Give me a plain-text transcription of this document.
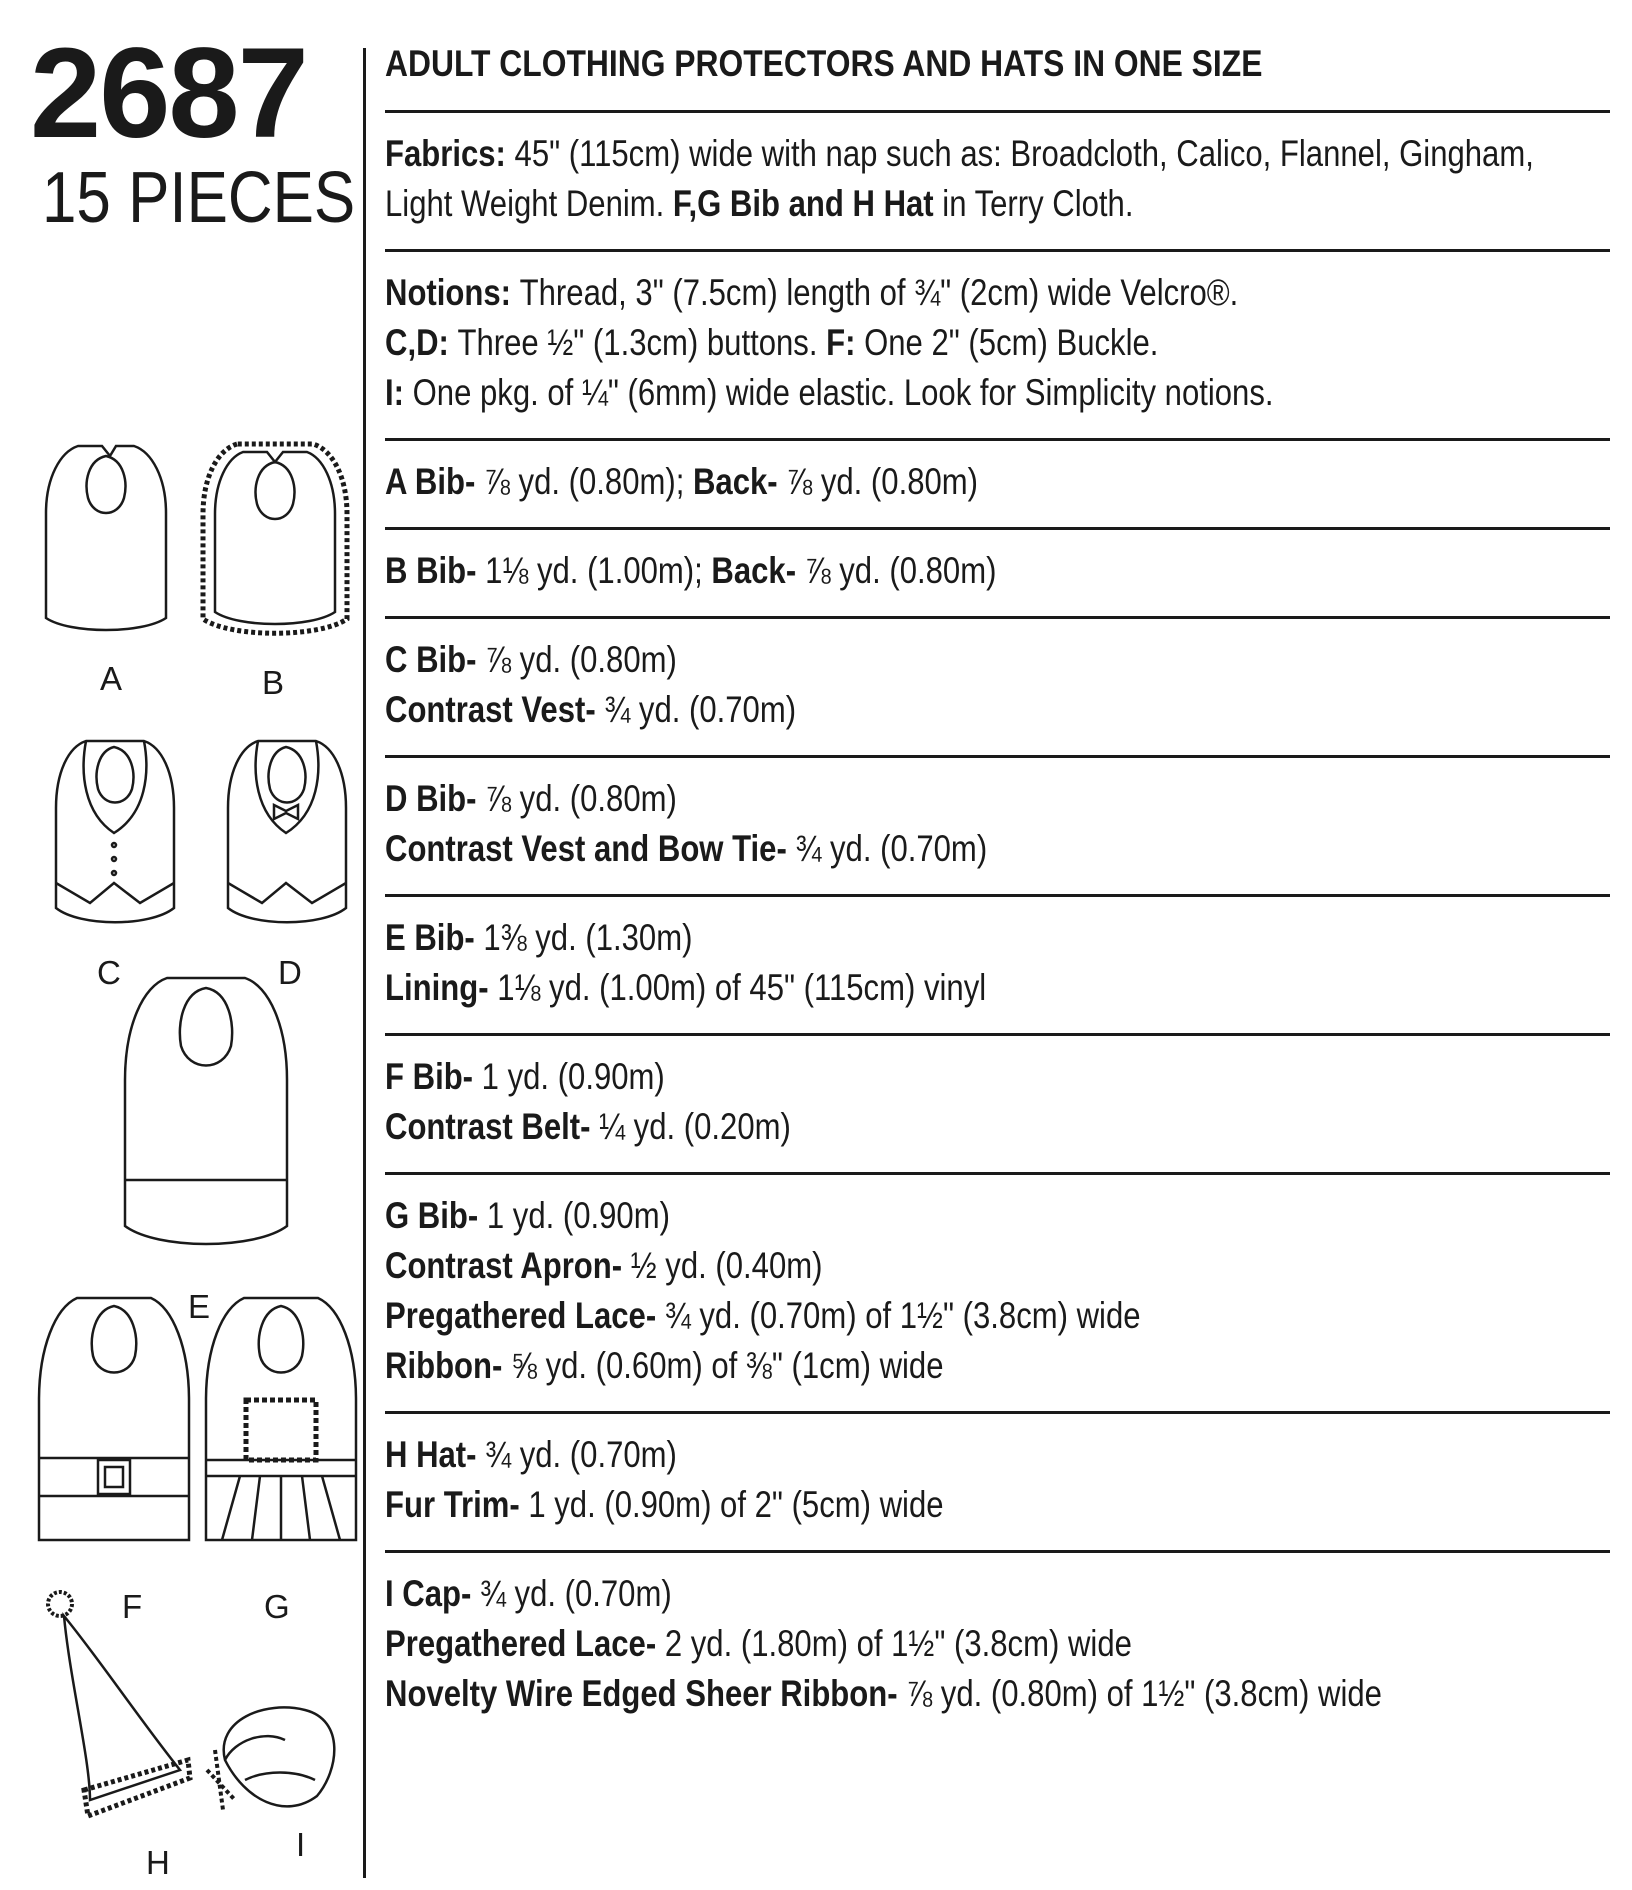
2687
15 PIECES
A	B
C	D
E
F	G
H	I
ADULT CLOTHING PROTECTORS AND HATS IN ONE SIZE
Fabrics: 45" (115cm) wide with nap such as: Broadcloth, Calico, Flannel, Gingham,
Light Weight Denim. F,G Bib and H Hat in Terry Cloth.
Notions: Thread, 3" (7.5cm) length of ¾" (2cm) wide Velcro®.
C,D: Three ½" (1.3cm) buttons. F: One 2" (5cm) Buckle.
I: One pkg. of ¼" (6mm) wide elastic. Look for Simplicity notions.
A Bib- ⅞ yd. (0.80m); Back- ⅞ yd. (0.80m)
B Bib- 1⅛ yd. (1.00m); Back- ⅞ yd. (0.80m)
C Bib- ⅞ yd. (0.80m)
Contrast Vest- ¾ yd. (0.70m)
D Bib- ⅞ yd. (0.80m)
Contrast Vest and Bow Tie- ¾ yd. (0.70m)
E Bib- 1⅜ yd. (1.30m)
Lining- 1⅛ yd. (1.00m) of 45" (115cm) vinyl
F Bib- 1 yd. (0.90m)
Contrast Belt- ¼ yd. (0.20m)
G Bib- 1 yd. (0.90m)
Contrast Apron- ½ yd. (0.40m)
Pregathered Lace- ¾ yd. (0.70m) of 1½" (3.8cm) wide
Ribbon- ⅝ yd. (0.60m) of ⅜" (1cm) wide
H Hat- ¾ yd. (0.70m)
Fur Trim- 1 yd. (0.90m) of 2" (5cm) wide
I Cap- ¾ yd. (0.70m)
Pregathered Lace- 2 yd. (1.80m) of 1½" (3.8cm) wide
Novelty Wire Edged Sheer Ribbon- ⅞ yd. (0.80m) of 1½" (3.8cm) wide
